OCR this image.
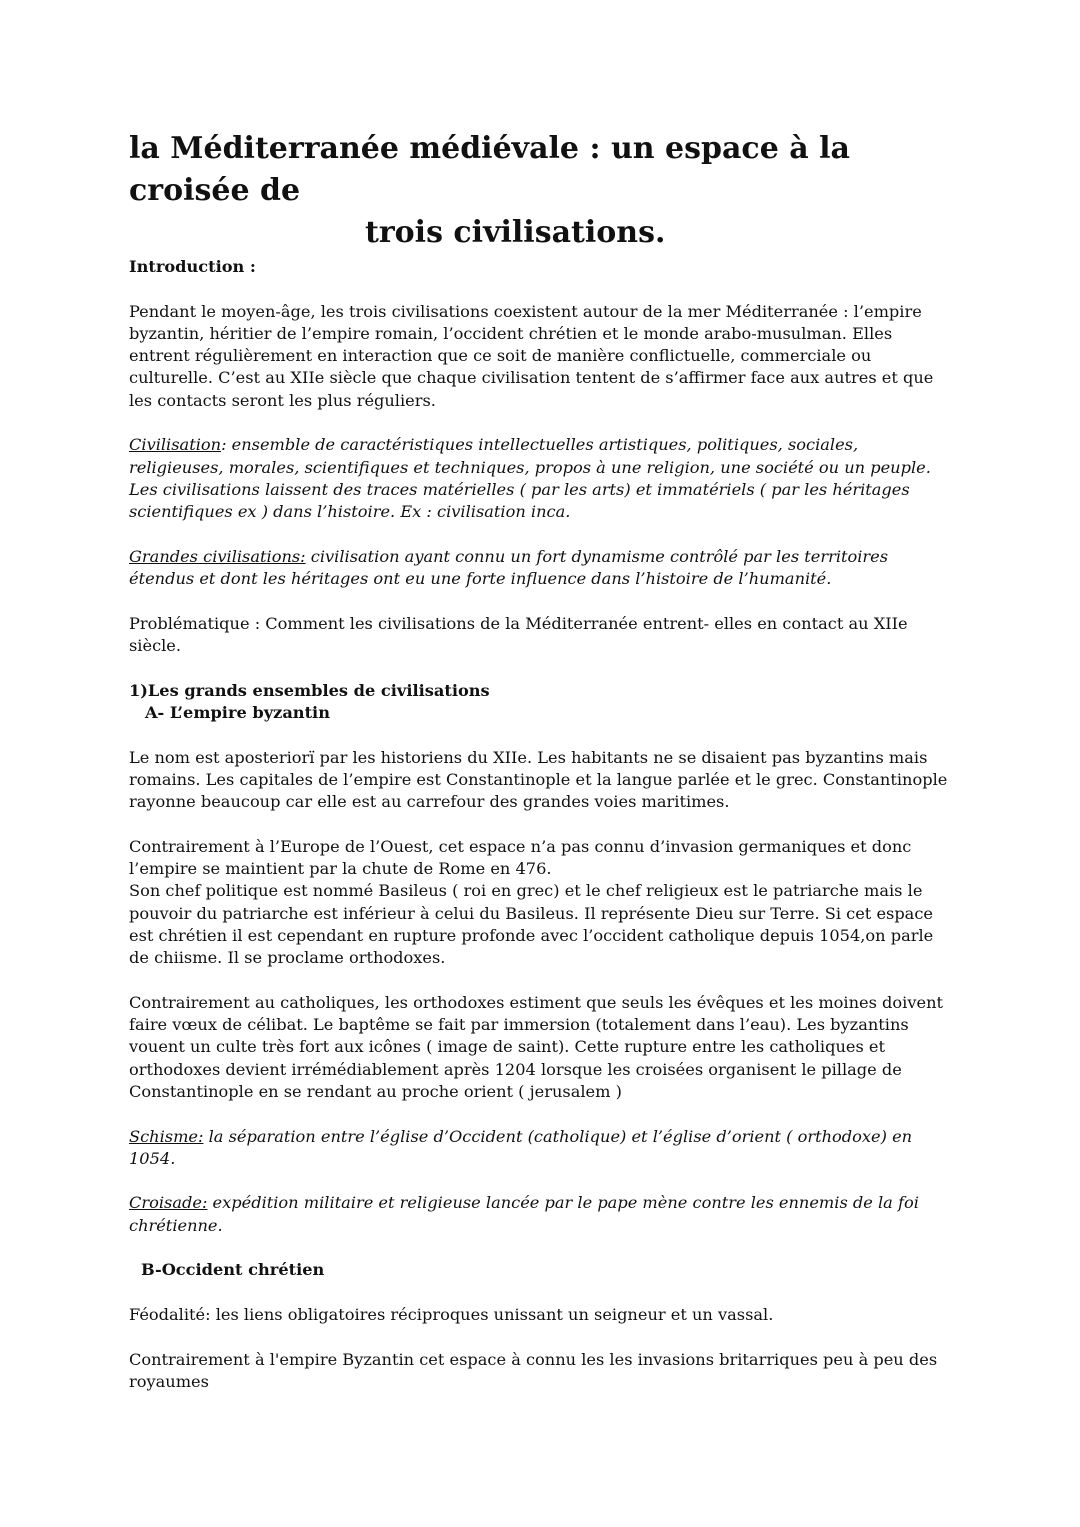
la Méditerranée médiévale : un espace à la croisée de
trois civilisations.

Introduction :

Pendant le moyen-âge, les trois civilisations coexistent autour de la mer Méditerranée : l’empire byzantin, héritier de l’empire romain, l’occident chrétien et le monde arabo-musulman. Elles entrent régulièrement en interaction que ce soit de manière conflictuelle, commerciale ou culturelle. C’est au XIIe siècle que chaque civilisation tentent de s’affirmer face aux autres et que les contacts seront les plus réguliers.

Civilisation: ensemble de caractéristiques intellectuelles artistiques, politiques, sociales, religieuses, morales, scientifiques et techniques, propos à une religion, une société ou un peuple. Les civilisations laissent des traces matérielles ( par les arts) et immatériels ( par les héritages scientifiques ex ) dans l’histoire. Ex : civilisation inca.

Grandes civilisations: civilisation ayant connu un fort dynamisme contrôlé par les territoires étendus et dont les héritages ont eu une forte influence dans l’histoire de l’humanité.

Problématique : Comment les civilisations de la Méditerranée entrent- elles en contact au XIIe siècle.

1)Les grands ensembles de civilisations

A- L’empire byzantin

Le nom est aposteriorï par les historiens du XIIe. Les habitants ne se disaient pas byzantins mais romains. Les capitales de l’empire est Constantinople et la langue parlée et le grec. Constantinople rayonne beaucoup car elle est au carrefour des grandes voies maritimes.

Contrairement à l’Europe de l’Ouest, cet espace n’a pas connu d’invasion germaniques et donc l’empire se maintient par la chute de Rome en 476.

Son chef politique est nommé Basileus ( roi en grec) et le chef religieux est le patriarche mais le pouvoir du patriarche est inférieur à celui du Basileus. Il représente Dieu sur Terre. Si cet espace est chrétien il est cependant en rupture profonde avec l’occident catholique depuis 1054,on parle de chiisme. Il se proclame orthodoxes.

Contrairement au catholiques, les orthodoxes estiment que seuls les évêques et les moines doivent faire vœux de célibat. Le baptême se fait par immersion (totalement dans l’eau). Les byzantins vouent un culte très fort aux icônes ( image de saint). Cette rupture entre les catholiques et orthodoxes devient irrémédiablement après 1204 lorsque les croisées organisent le pillage de Constantinople en se rendant au proche orient ( jerusalem )

Schisme: la séparation entre l’église d’Occident (catholique) et l’église d’orient ( orthodoxe) en 1054.

Croisade: expédition militaire et religieuse lancée par le pape mène contre les ennemis de la foi chrétienne.

B-Occident chrétien

Féodalité: les liens obligatoires réciproques unissant un seigneur et un vassal.

Contrairement à l'empire Byzantin cet espace à connu les les invasions britarriques peu à peu des royaumes
